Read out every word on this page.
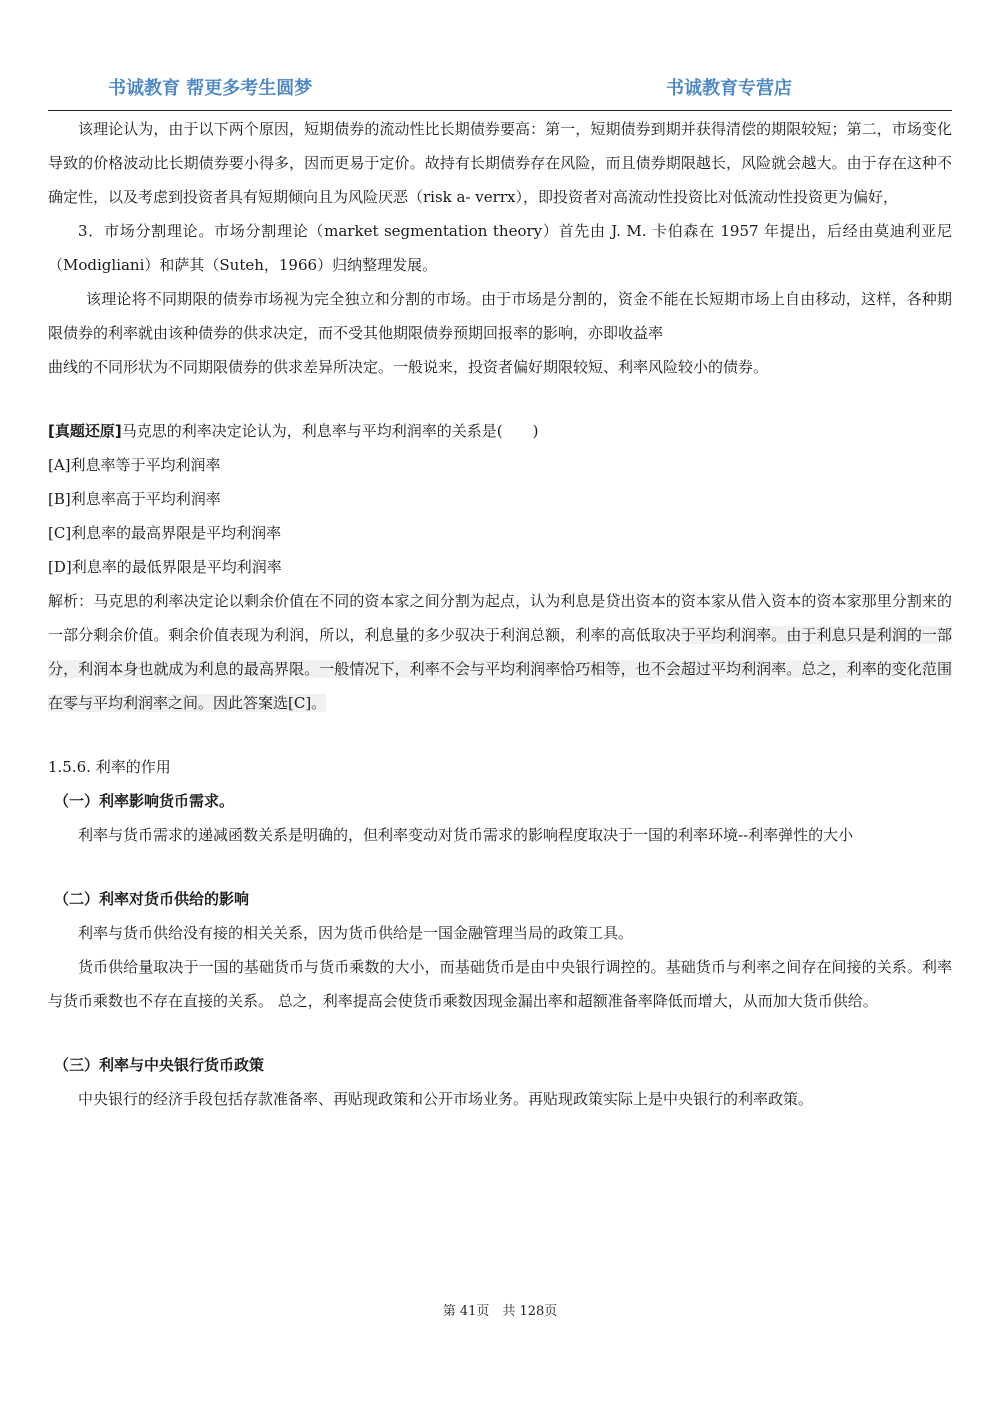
书诚教育 帮更多考生圆梦	书诚教育专营店

该理论认为，由于以下两个原因，短期债券的流动性比长期债券要高：第一，短期债券到期并获得清偿的期限较短；第二，市场变化导致的价格波动比长期债券要小得多，因而更易于定价。故持有长期债券存在风险，而且债券期限越长，风险就会越大。由于存在这种不确定性，以及考虑到投资者具有短期倾向且为风险厌恶（risk a- verrx），即投资者对高流动性投资比对低流动性投资更为偏好，

3．市场分割理论。市场分割理论（market segmentation theory）首先由 J. M. 卡伯森在 1957 年提出，后经由莫迪利亚尼（Modigliani）和萨其（Suteh，1966）归纳整理发展。

该理论将不同期限的债券市场视为完全独立和分割的市场。由于市场是分割的，资金不能在长短期市场上自由移动，这样，各种期限债券的利率就由该种债券的供求决定，而不受其他期限债券预期回报率的影响，亦即收益率

曲线的不同形状为不同期限债券的供求差异所决定。一般说来，投资者偏好期限较短、利率风险较小的债券。

[真题还原]马克思的利率决定论认为，利息率与平均利润率的关系是(　　)

[A]利息率等于平均利润率

[B]利息率高于平均利润率

[C]利息率的最高界限是平均利润率

[D]利息率的最低界限是平均利润率

解析：马克思的利率决定论以剩余价值在不同的资本家之间分割为起点，认为利息是贷出资本的资本家从借入资本的资本家那里分割来的一部分剩余价值。剩余价值表现为利润，所以，利息量的多少驭决于利润总额，利率的高低取决于平均利润率。由于利息只是利润的一部分，利润本身也就成为利息的最高界限。一般情况下，利率不会与平均利润率恰巧相等，也不会超过平均利润率。总之，利率的变化范围在零与平均利润率之间。因此答案选[C]。

1.5.6. 利率的作用

（一）利率影响货币需求。

利率与货币需求的递减函数关系是明确的，但利率变动对货币需求的影响程度取决于一国的利率环境--利率弹性的大小

（二）利率对货币供给的影响

利率与货币供给没有接的相关关系，因为货币供给是一国金融管理当局的政策工具。

货币供给量取决于一国的基础货币与货币乘数的大小，而基础货币是由中央银行调控的。基础货币与利率之间存在间接的关系。利率与货币乘数也不存在直接的关系。 总之，利率提高会使货币乘数因现金漏出率和超额准备率降低而增大，从而加大货币供给。

（三）利率与中央银行货币政策

中央银行的经济手段包括存款准备率、再贴现政策和公开市场业务。再贴现政策实际上是中央银行的利率政策。

第 41页　共 128页
